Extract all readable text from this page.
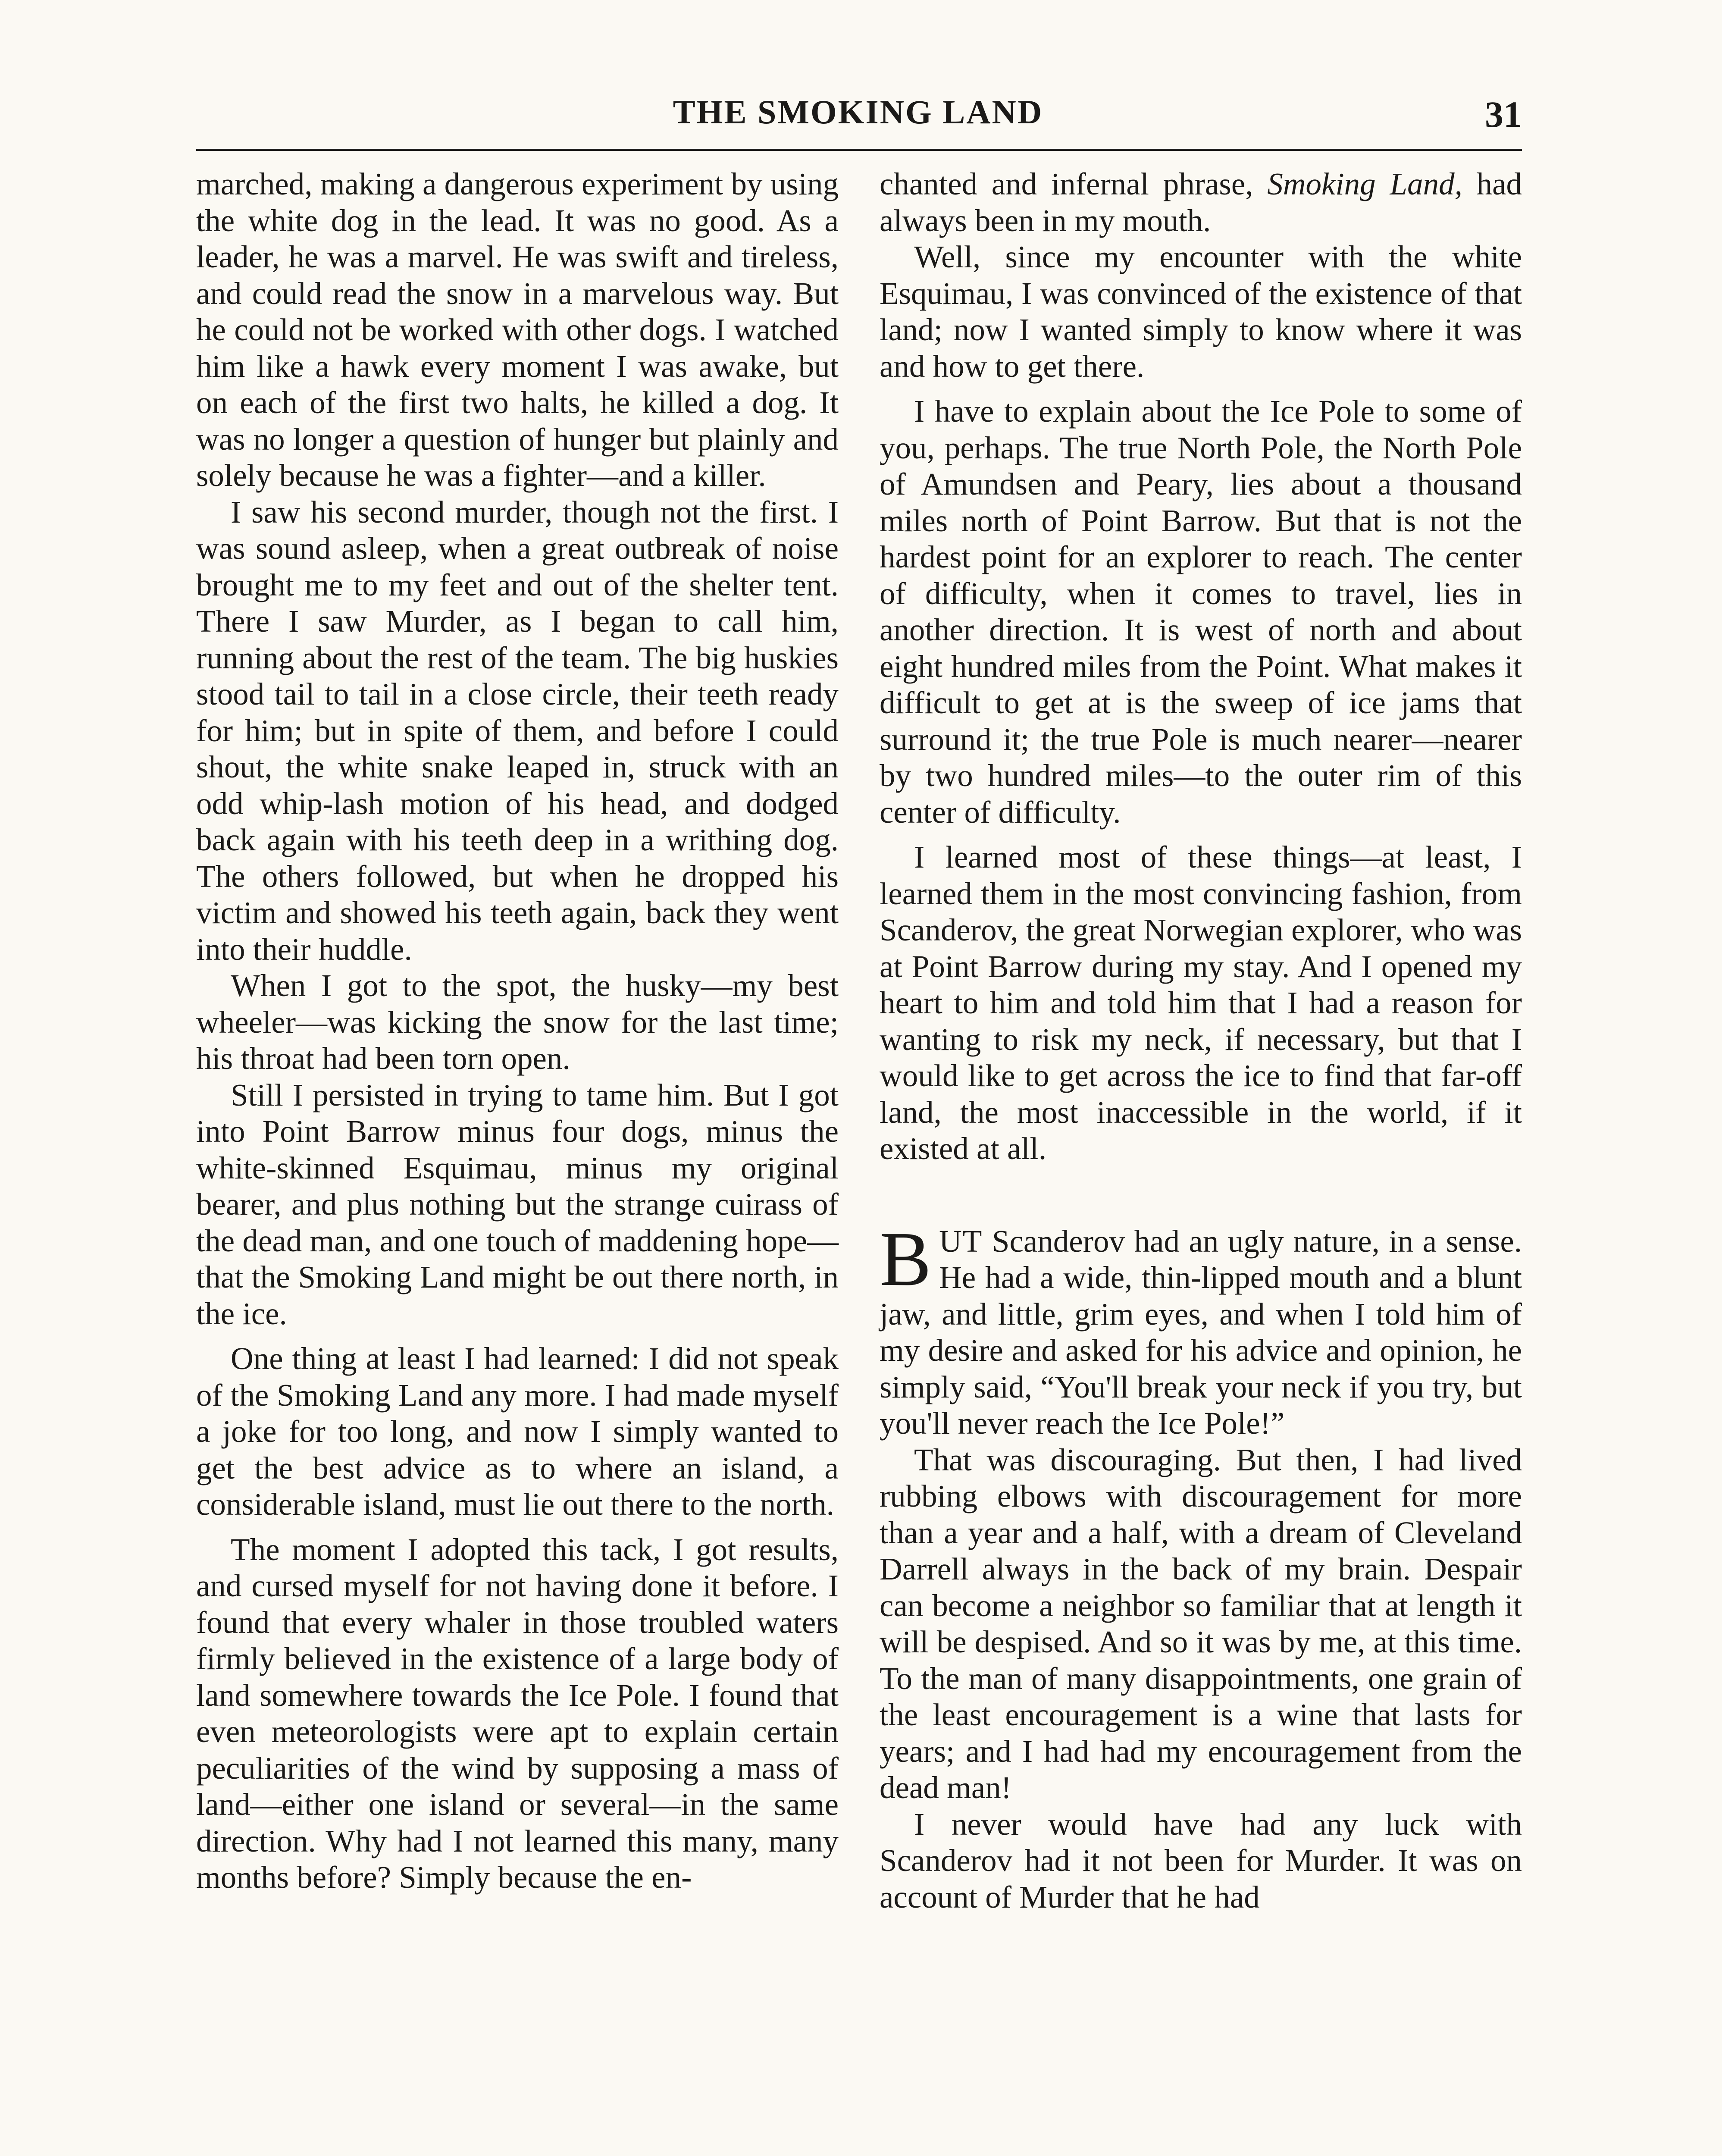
THE SMOKING LAND	31

marched, making a dangerous experiment by using the white dog in the lead. It was no good. As a leader, he was a marvel. He was swift and tireless, and could read the snow in a marvelous way. But he could not be worked with other dogs. I watched him like a hawk every moment I was awake, but on each of the first two halts, he killed a dog. It was no longer a question of hunger but plainly and solely because he was a fighter—and a killer.

I saw his second murder, though not the first. I was sound asleep, when a great outbreak of noise brought me to my feet and out of the shelter tent. There I saw Murder, as I began to call him, running about the rest of the team. The big huskies stood tail to tail in a close circle, their teeth ready for him; but in spite of them, and before I could shout, the white snake leaped in, struck with an odd whip-lash motion of his head, and dodged back again with his teeth deep in a writhing dog. The others followed, but when he dropped his victim and showed his teeth again, back they went into their huddle.

When I got to the spot, the husky—my best wheeler—was kicking the snow for the last time; his throat had been torn open.

Still I persisted in trying to tame him. But I got into Point Barrow minus four dogs, minus the white-skinned Esquimau, minus my original bearer, and plus nothing but the strange cuirass of the dead man, and one touch of maddening hope—that the Smoking Land might be out there north, in the ice.

One thing at least I had learned: I did not speak of the Smoking Land any more. I had made myself a joke for too long, and now I simply wanted to get the best advice as to where an island, a considerable island, must lie out there to the north.

The moment I adopted this tack, I got results, and cursed myself for not having done it before. I found that every whaler in those troubled waters firmly believed in the existence of a large body of land somewhere towards the Ice Pole. I found that even meteorologists were apt to explain certain peculiarities of the wind by supposing a mass of land—either one island or several—in the same direction. Why had I not learned this many, many months before? Simply because the en-

chanted and infernal phrase, Smoking Land, had always been in my mouth.

Well, since my encounter with the white Esquimau, I was convinced of the existence of that land; now I wanted simply to know where it was and how to get there.

I have to explain about the Ice Pole to some of you, perhaps. The true North Pole, the North Pole of Amundsen and Peary, lies about a thousand miles north of Point Barrow. But that is not the hardest point for an explorer to reach. The center of difficulty, when it comes to travel, lies in another direction. It is west of north and about eight hundred miles from the Point. What makes it difficult to get at is the sweep of ice jams that surround it; the true Pole is much nearer—nearer by two hundred miles—to the outer rim of this center of difficulty.

I learned most of these things—at least, I learned them in the most convincing fashion, from Scanderov, the great Norwegian explorer, who was at Point Barrow during my stay. And I opened my heart to him and told him that I had a reason for wanting to risk my neck, if necessary, but that I would like to get across the ice to find that far-off land, the most inaccessible in the world, if it existed at all.

BUT Scanderov had an ugly nature, in a sense. He had a wide, thin-lipped mouth and a blunt jaw, and little, grim eyes, and when I told him of my desire and asked for his advice and opinion, he simply said, “You'll break your neck if you try, but you'll never reach the Ice Pole!”

That was discouraging. But then, I had lived rubbing elbows with discouragement for more than a year and a half, with a dream of Cleveland Darrell always in the back of my brain. Despair can become a neighbor so familiar that at length it will be despised. And so it was by me, at this time. To the man of many disappointments, one grain of the least encouragement is a wine that lasts for years; and I had had my encouragement from the dead man!

I never would have had any luck with Scanderov had it not been for Murder. It was on account of Murder that he had
